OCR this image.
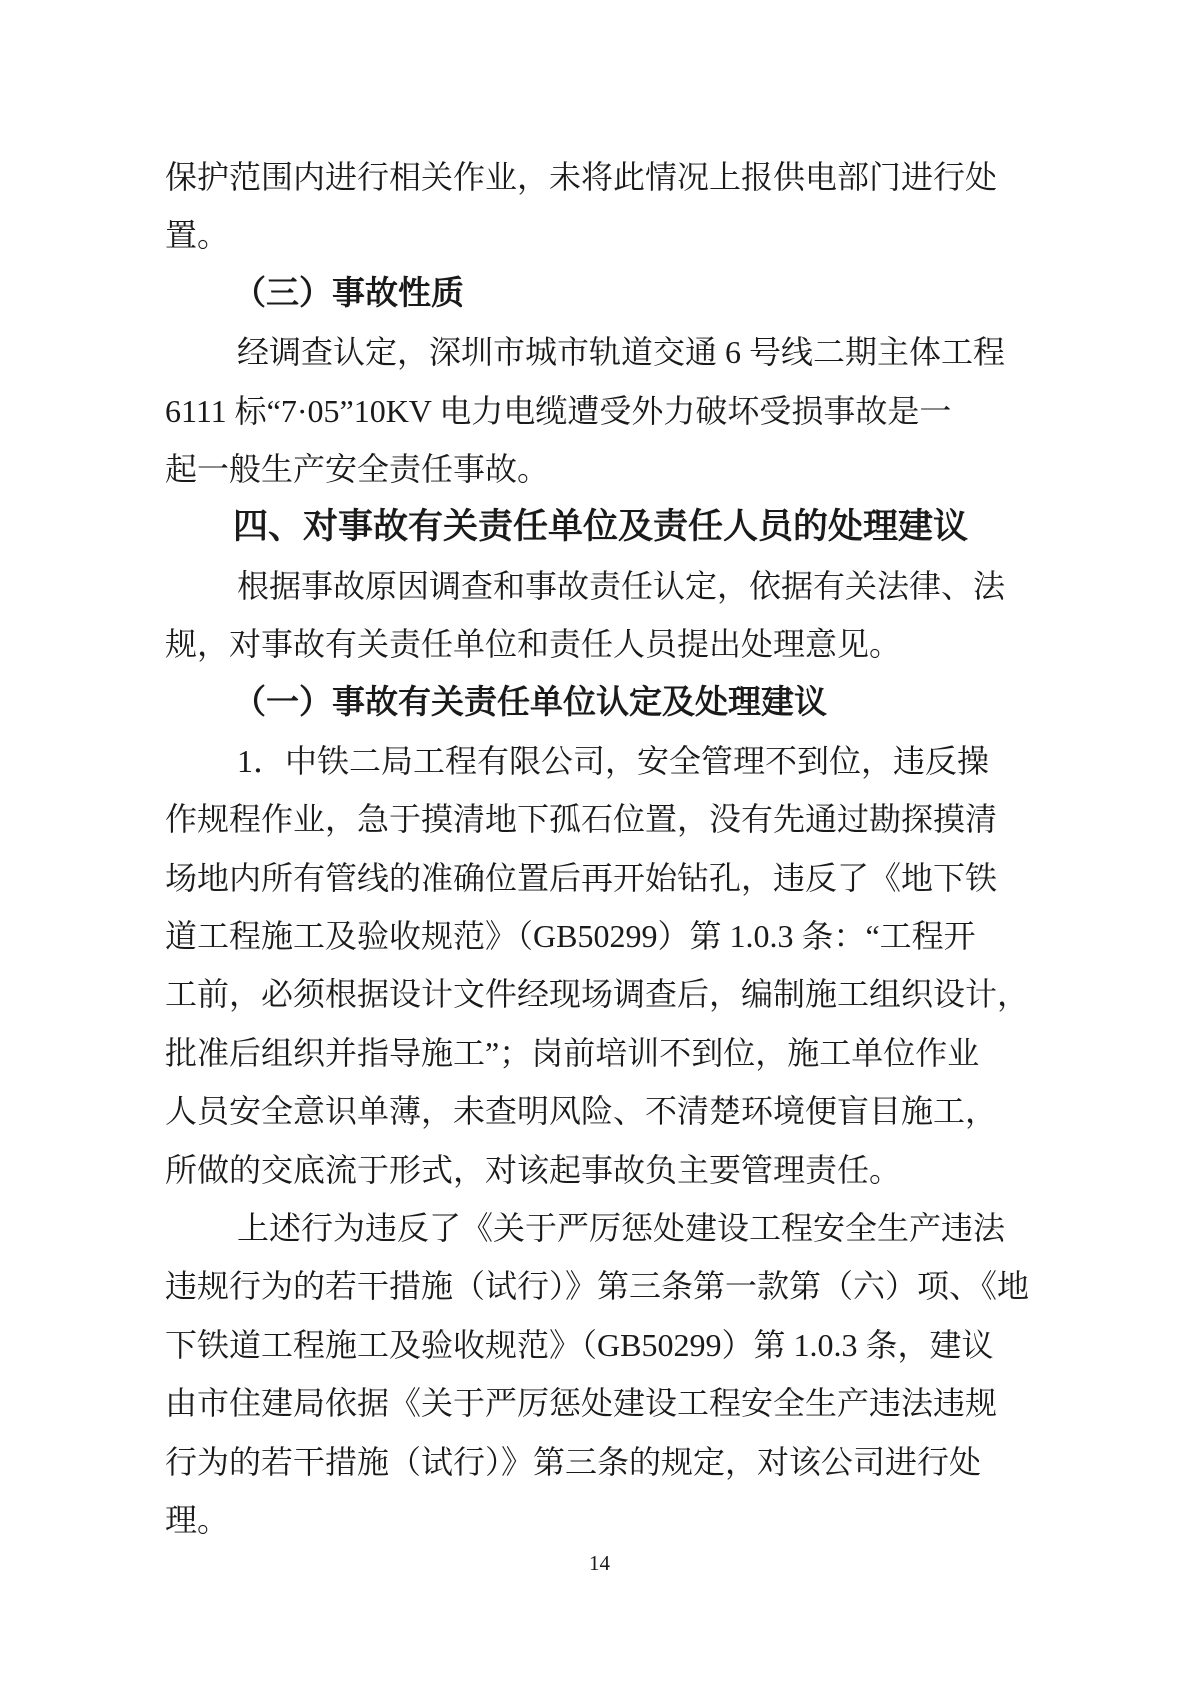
保护范围内进行相关作业，未将此情况上报供电部门进行处
置。
（三）事故性质
经调查认定，深圳市城市轨道交通 6 号线二期主体工程
6111 标“7·05”10KV 电力电缆遭受外力破坏受损事故是一
起一般生产安全责任事故。
四、对事故有关责任单位及责任人员的处理建议
根据事故原因调查和事故责任认定，依据有关法律、法
规，对事故有关责任单位和责任人员提出处理意见。
（一）事故有关责任单位认定及处理建议
1．中铁二局工程有限公司，安全管理不到位，违反操
作规程作业，急于摸清地下孤石位置，没有先通过勘探摸清
场地内所有管线的准确位置后再开始钻孔，违反了《地下铁
道工程施工及验收规范》（GB50299）第 1.0.3 条：“工程开
工前，必须根据设计文件经现场调查后，编制施工组织设计，
批准后组织并指导施工”；岗前培训不到位，施工单位作业
人员安全意识单薄，未查明风险、不清楚环境便盲目施工，
所做的交底流于形式，对该起事故负主要管理责任。
上述行为违反了《关于严厉惩处建设工程安全生产违法
违规行为的若干措施（试行）》第三条第一款第（六）项、《地
下铁道工程施工及验收规范》（GB50299）第 1.0.3 条，建议
由市住建局依据《关于严厉惩处建设工程安全生产违法违规
行为的若干措施（试行）》第三条的规定，对该公司进行处
理。
14
